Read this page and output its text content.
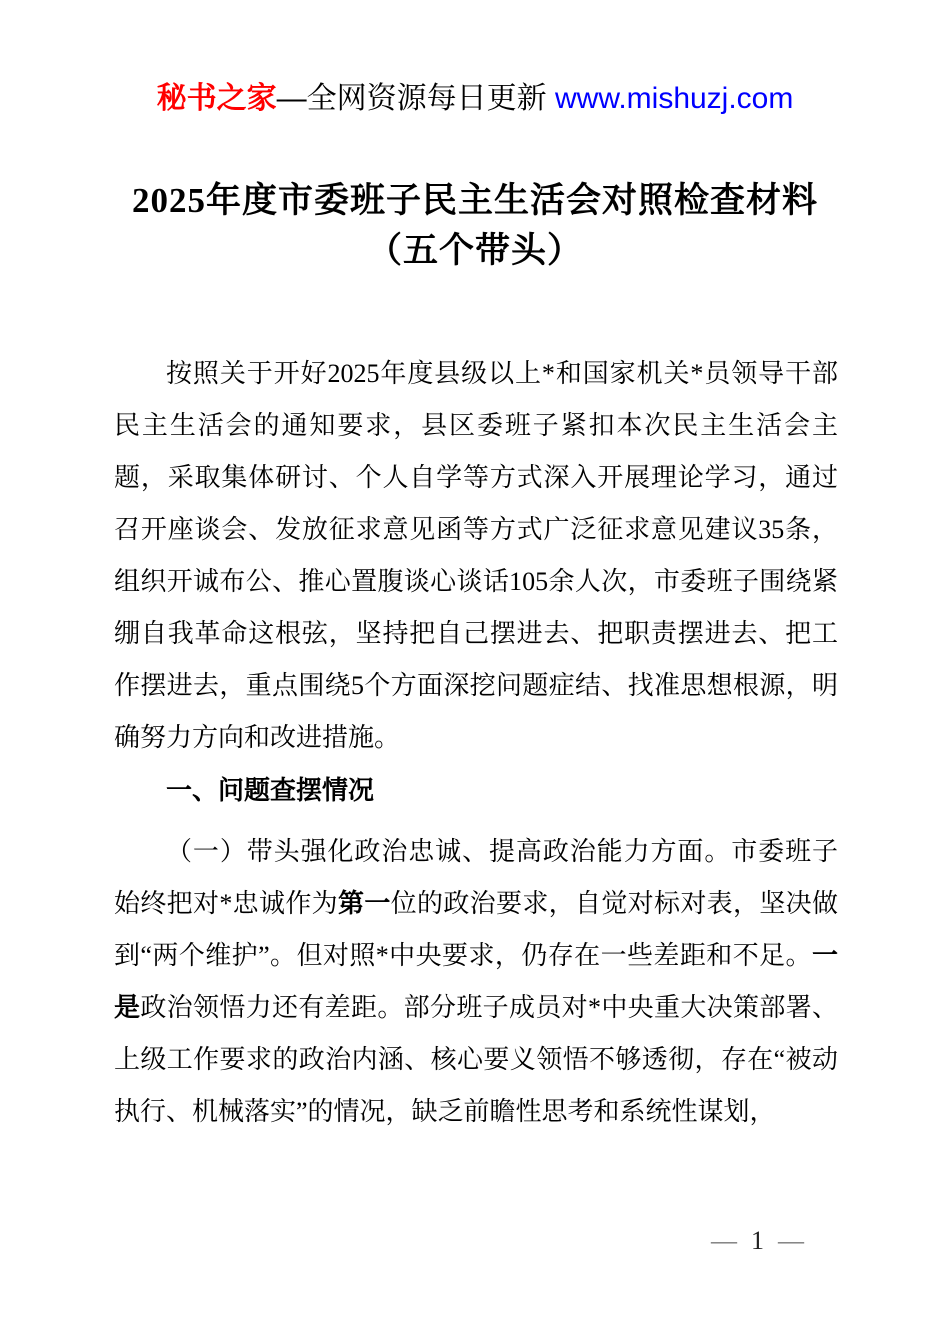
秘书之家—全网资源每日更新 www.mishuzj.com
2025年度市委班子民主生活会对照检查材料
（五个带头）

按照关于开好2025年度县级以上*和国家机关*员领导干部民主生活会的通知要求，县区委班子紧扣本次民主生活会主题，采取集体研讨、个人自学等方式深入开展理论学习，通过召开座谈会、发放征求意见函等方式广泛征求意见建议35条，组织开诚布公、推心置腹谈心谈话105余人次，市委班子围绕紧绷自我革命这根弦，坚持把自己摆进去、把职责摆进去、把工作摆进去，重点围绕5个方面深挖问题症结、找准思想根源，明确努力方向和改进措施。

一、问题查摆情况

（一）带头强化政治忠诚、提高政治能力方面。市委班子始终把对*忠诚作为第一位的政治要求，自觉对标对表，坚决做到“两个维护”。但对照*中央要求，仍存在一些差距和不足。一是政治领悟力还有差距。部分班子成员对*中央重大决策部署、上级工作要求的政治内涵、核心要义领悟不够透彻，存在“被动执行、机械落实”的情况，缺乏前瞻性思考和系统性谋划，

— 1 —
